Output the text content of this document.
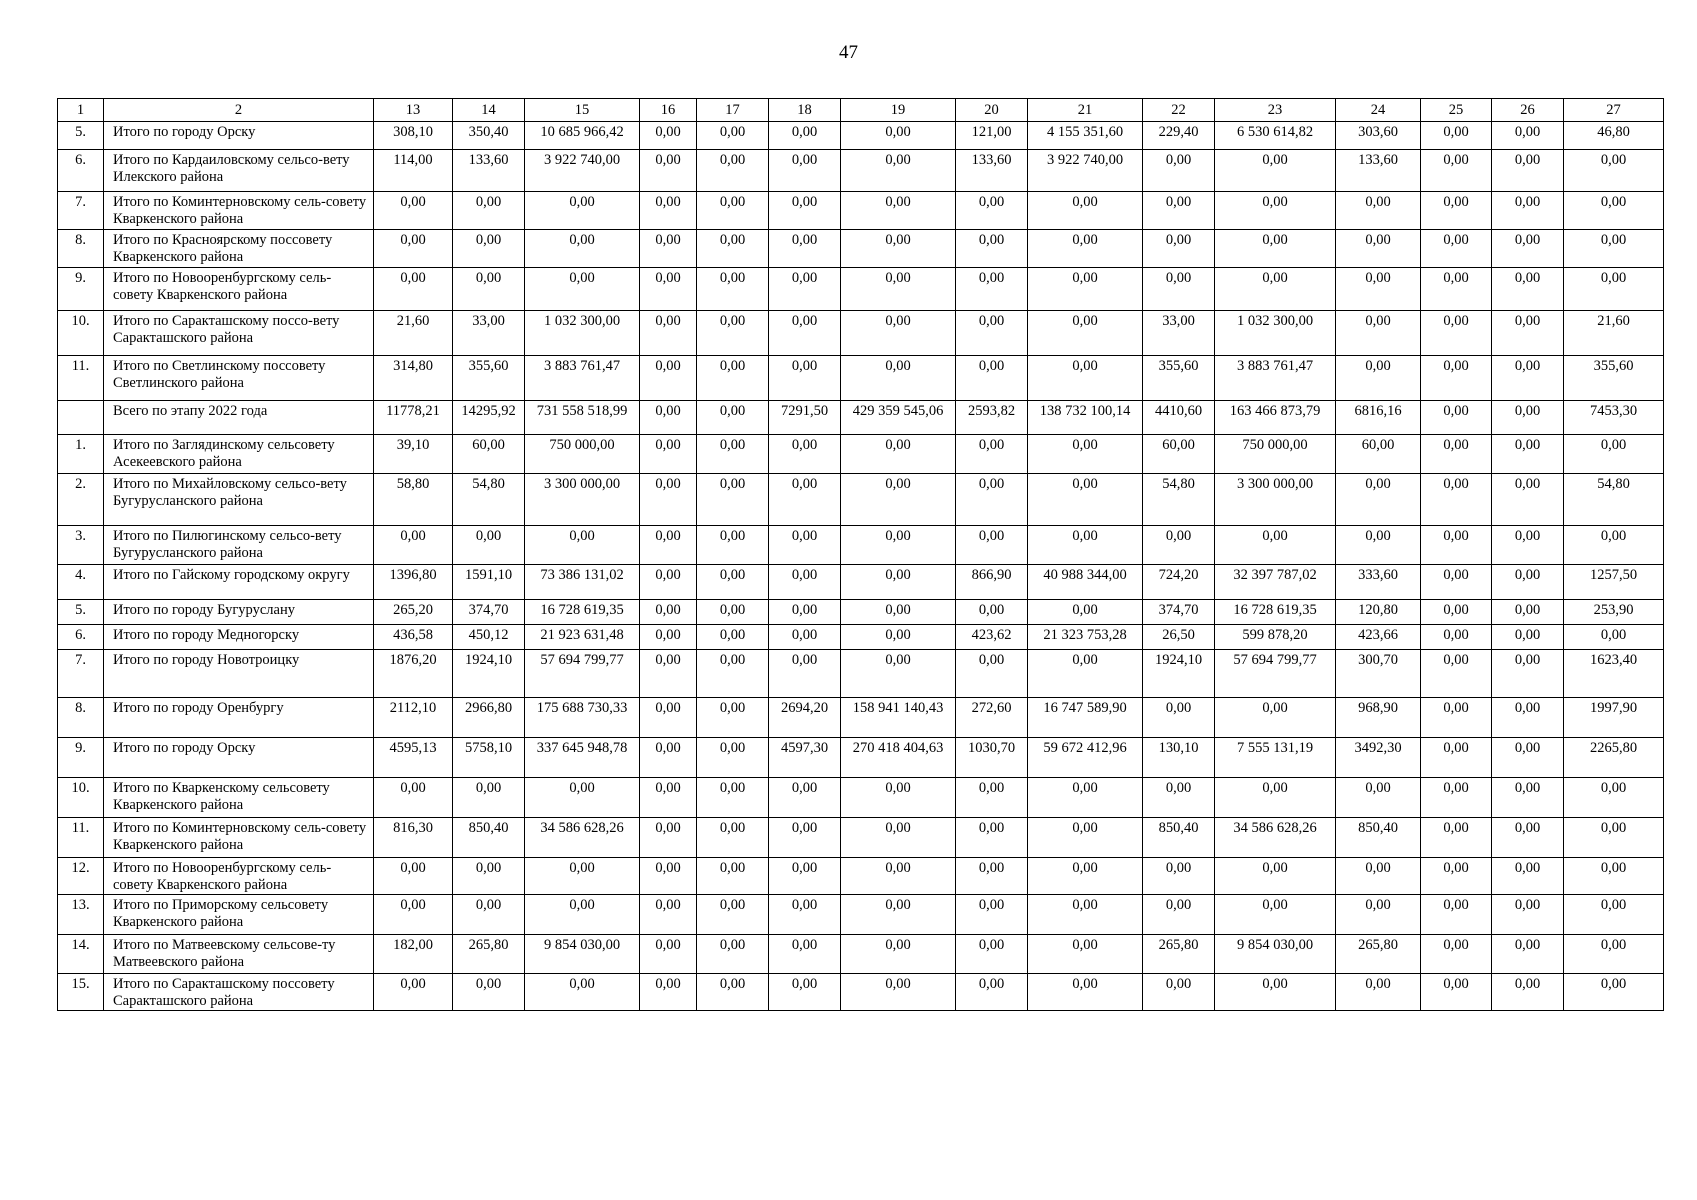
47
1	2	13	14	15	16	17	18	19	20	21	22	23	24	25	26	27
5.	Итого по городу Орску	308,10	350,40	10 685 966,42	0,00	0,00	0,00	0,00	121,00	4 155 351,60	229,40	6 530 614,82	303,60	0,00	0,00	46,80
6.	Итого по Кардаиловскому сельсо-вету Илекского района	114,00	133,60	3 922 740,00	0,00	0,00	0,00	0,00	133,60	3 922 740,00	0,00	0,00	133,60	0,00	0,00	0,00
7.	Итого по Коминтерновскому сель-совету Кваркенского района	0,00	0,00	0,00	0,00	0,00	0,00	0,00	0,00	0,00	0,00	0,00	0,00	0,00	0,00	0,00
8.	Итого по Красноярскому поссовету Кваркенского района	0,00	0,00	0,00	0,00	0,00	0,00	0,00	0,00	0,00	0,00	0,00	0,00	0,00	0,00	0,00
9.	Итого по Новооренбургскому сель-совету Кваркенского района	0,00	0,00	0,00	0,00	0,00	0,00	0,00	0,00	0,00	0,00	0,00	0,00	0,00	0,00	0,00
10.	Итого по Саракташскому поссо-вету Саракташского района	21,60	33,00	1 032 300,00	0,00	0,00	0,00	0,00	0,00	0,00	33,00	1 032 300,00	0,00	0,00	0,00	21,60
11.	Итого по Светлинскому поссовету Светлинского района	314,80	355,60	3 883 761,47	0,00	0,00	0,00	0,00	0,00	0,00	355,60	3 883 761,47	0,00	0,00	0,00	355,60
	Всего по этапу 2022 года	11778,21	14295,92	731 558 518,99	0,00	0,00	7291,50	429 359 545,06	2593,82	138 732 100,14	4410,60	163 466 873,79	6816,16	0,00	0,00	7453,30
1.	Итого по Заглядинскому сельсовету Асекеевского района	39,10	60,00	750 000,00	0,00	0,00	0,00	0,00	0,00	0,00	60,00	750 000,00	60,00	0,00	0,00	0,00
2.	Итого по Михайловскому сельсо-вету Бугурусланского района	58,80	54,80	3 300 000,00	0,00	0,00	0,00	0,00	0,00	0,00	54,80	3 300 000,00	0,00	0,00	0,00	54,80
3.	Итого по Пилюгинскому сельсо-вету Бугурусланского района	0,00	0,00	0,00	0,00	0,00	0,00	0,00	0,00	0,00	0,00	0,00	0,00	0,00	0,00	0,00
4.	Итого по Гайскому городскому округу	1396,80	1591,10	73 386 131,02	0,00	0,00	0,00	0,00	866,90	40 988 344,00	724,20	32 397 787,02	333,60	0,00	0,00	1257,50
5.	Итого по городу Бугуруслану	265,20	374,70	16 728 619,35	0,00	0,00	0,00	0,00	0,00	0,00	374,70	16 728 619,35	120,80	0,00	0,00	253,90
6.	Итого по городу Медногорску	436,58	450,12	21 923 631,48	0,00	0,00	0,00	0,00	423,62	21 323 753,28	26,50	599 878,20	423,66	0,00	0,00	0,00
7.	Итого по городу Новотроицку	1876,20	1924,10	57 694 799,77	0,00	0,00	0,00	0,00	0,00	0,00	1924,10	57 694 799,77	300,70	0,00	0,00	1623,40
8.	Итого по городу Оренбургу	2112,10	2966,80	175 688 730,33	0,00	0,00	2694,20	158 941 140,43	272,60	16 747 589,90	0,00	0,00	968,90	0,00	0,00	1997,90
9.	Итого по городу Орску	4595,13	5758,10	337 645 948,78	0,00	0,00	4597,30	270 418 404,63	1030,70	59 672 412,96	130,10	7 555 131,19	3492,30	0,00	0,00	2265,80
10.	Итого по Кваркенскому сельсовету Кваркенского района	0,00	0,00	0,00	0,00	0,00	0,00	0,00	0,00	0,00	0,00	0,00	0,00	0,00	0,00	0,00
11.	Итого по Коминтерновскому сель-совету Кваркенского района	816,30	850,40	34 586 628,26	0,00	0,00	0,00	0,00	0,00	0,00	850,40	34 586 628,26	850,40	0,00	0,00	0,00
12.	Итого по Новооренбургскому сель-совету Кваркенского района	0,00	0,00	0,00	0,00	0,00	0,00	0,00	0,00	0,00	0,00	0,00	0,00	0,00	0,00	0,00
13.	Итого по Приморскому сельсовету Кваркенского района	0,00	0,00	0,00	0,00	0,00	0,00	0,00	0,00	0,00	0,00	0,00	0,00	0,00	0,00	0,00
14.	Итого по Матвеевскому сельсове-ту Матвеевского района	182,00	265,80	9 854 030,00	0,00	0,00	0,00	0,00	0,00	0,00	265,80	9 854 030,00	265,80	0,00	0,00	0,00
15.	Итого по Саракташскому поссовету Саракташского района	0,00	0,00	0,00	0,00	0,00	0,00	0,00	0,00	0,00	0,00	0,00	0,00	0,00	0,00	0,00
